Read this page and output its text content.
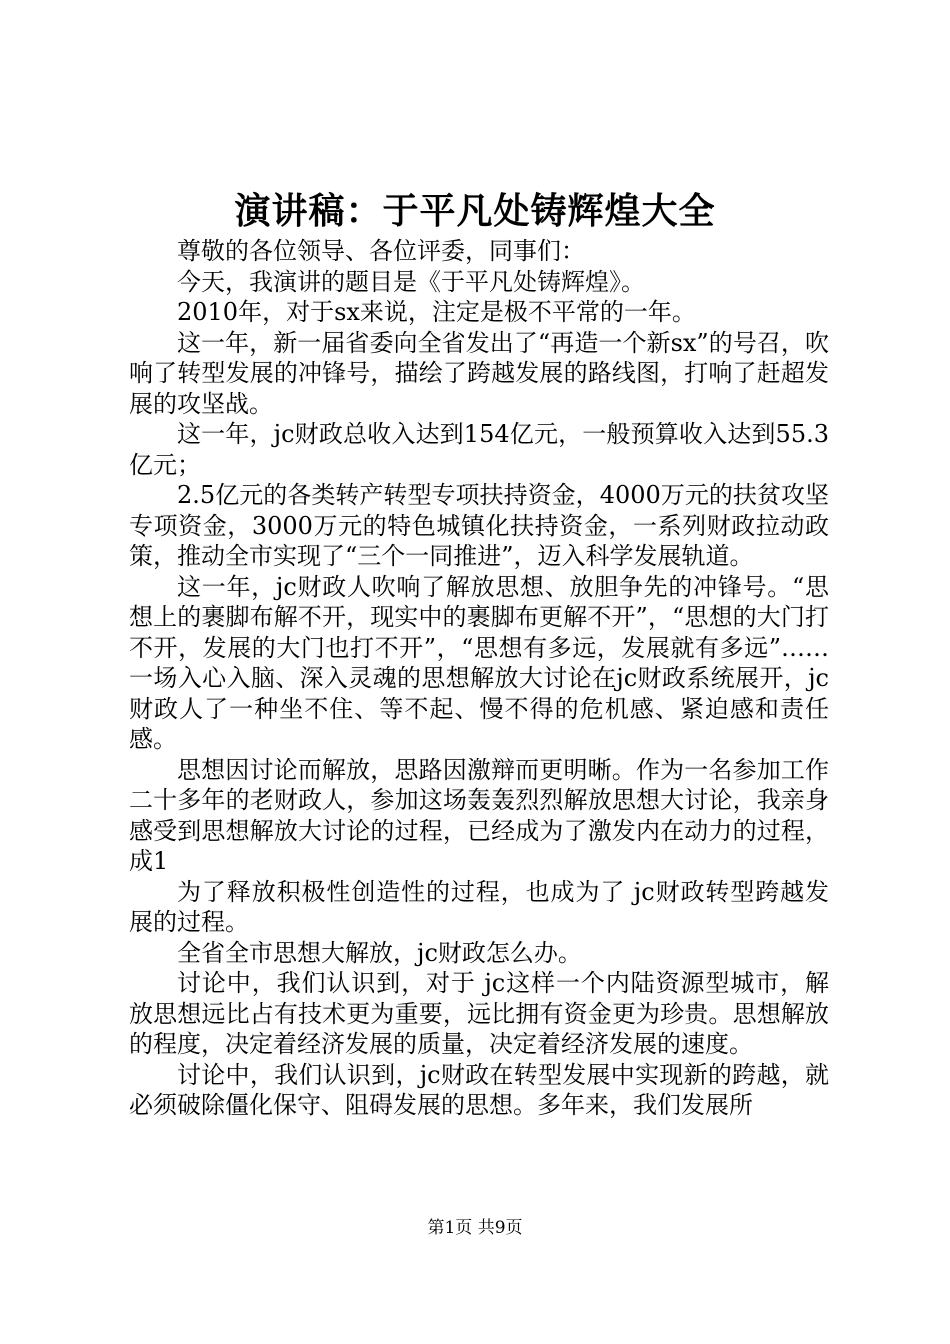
演讲稿：于平凡处铸辉煌大全

尊敬的各位领导、各位评委，同事们：

今天，我演讲的题目是《于平凡处铸辉煌》。

2010年，对于sx来说，注定是极不平常的一年。

这一年，新一届省委向全省发出了“再造一个新sx”的号召，吹响了转型发展的冲锋号，描绘了跨越发展的路线图，打响了赶超发展的攻坚战。

这一年，jc财政总收入达到154亿元，一般预算收入达到55.3亿元；

2.5亿元的各类转产转型专项扶持资金，4000万元的扶贫攻坚专项资金，3000万元的特色城镇化扶持资金，一系列财政拉动政策，推动全市实现了“三个一同推进”，迈入科学发展轨道。

这一年，jc财政人吹响了解放思想、放胆争先的冲锋号。“思想上的裹脚布解不开，现实中的裹脚布更解不开”，“思想的大门打不开，发展的大门也打不开”，“思想有多远，发展就有多远”……一场入心入脑、深入灵魂的思想解放大讨论在jc财政系统展开，jc财政人了一种坐不住、等不起、慢不得的危机感、紧迫感和责任感。

思想因讨论而解放，思路因激辩而更明晰。作为一名参加工作二十多年的老财政人，参加这场轰轰烈烈解放思想大讨论，我亲身感受到思想解放大讨论的过程，已经成为了激发内在动力的过程，成1

为了释放积极性创造性的过程，也成为了 jc财政转型跨越发展的过程。

全省全市思想大解放，jc财政怎么办。

讨论中，我们认识到，对于 jc这样一个内陆资源型城市，解放思想远比占有技术更为重要，远比拥有资金更为珍贵。思想解放的程度，决定着经济发展的质量，决定着经济发展的速度。

讨论中，我们认识到，jc财政在转型发展中实现新的跨越，就必须破除僵化保守、阻碍发展的思想。多年来，我们发展所

第1页 共9页
